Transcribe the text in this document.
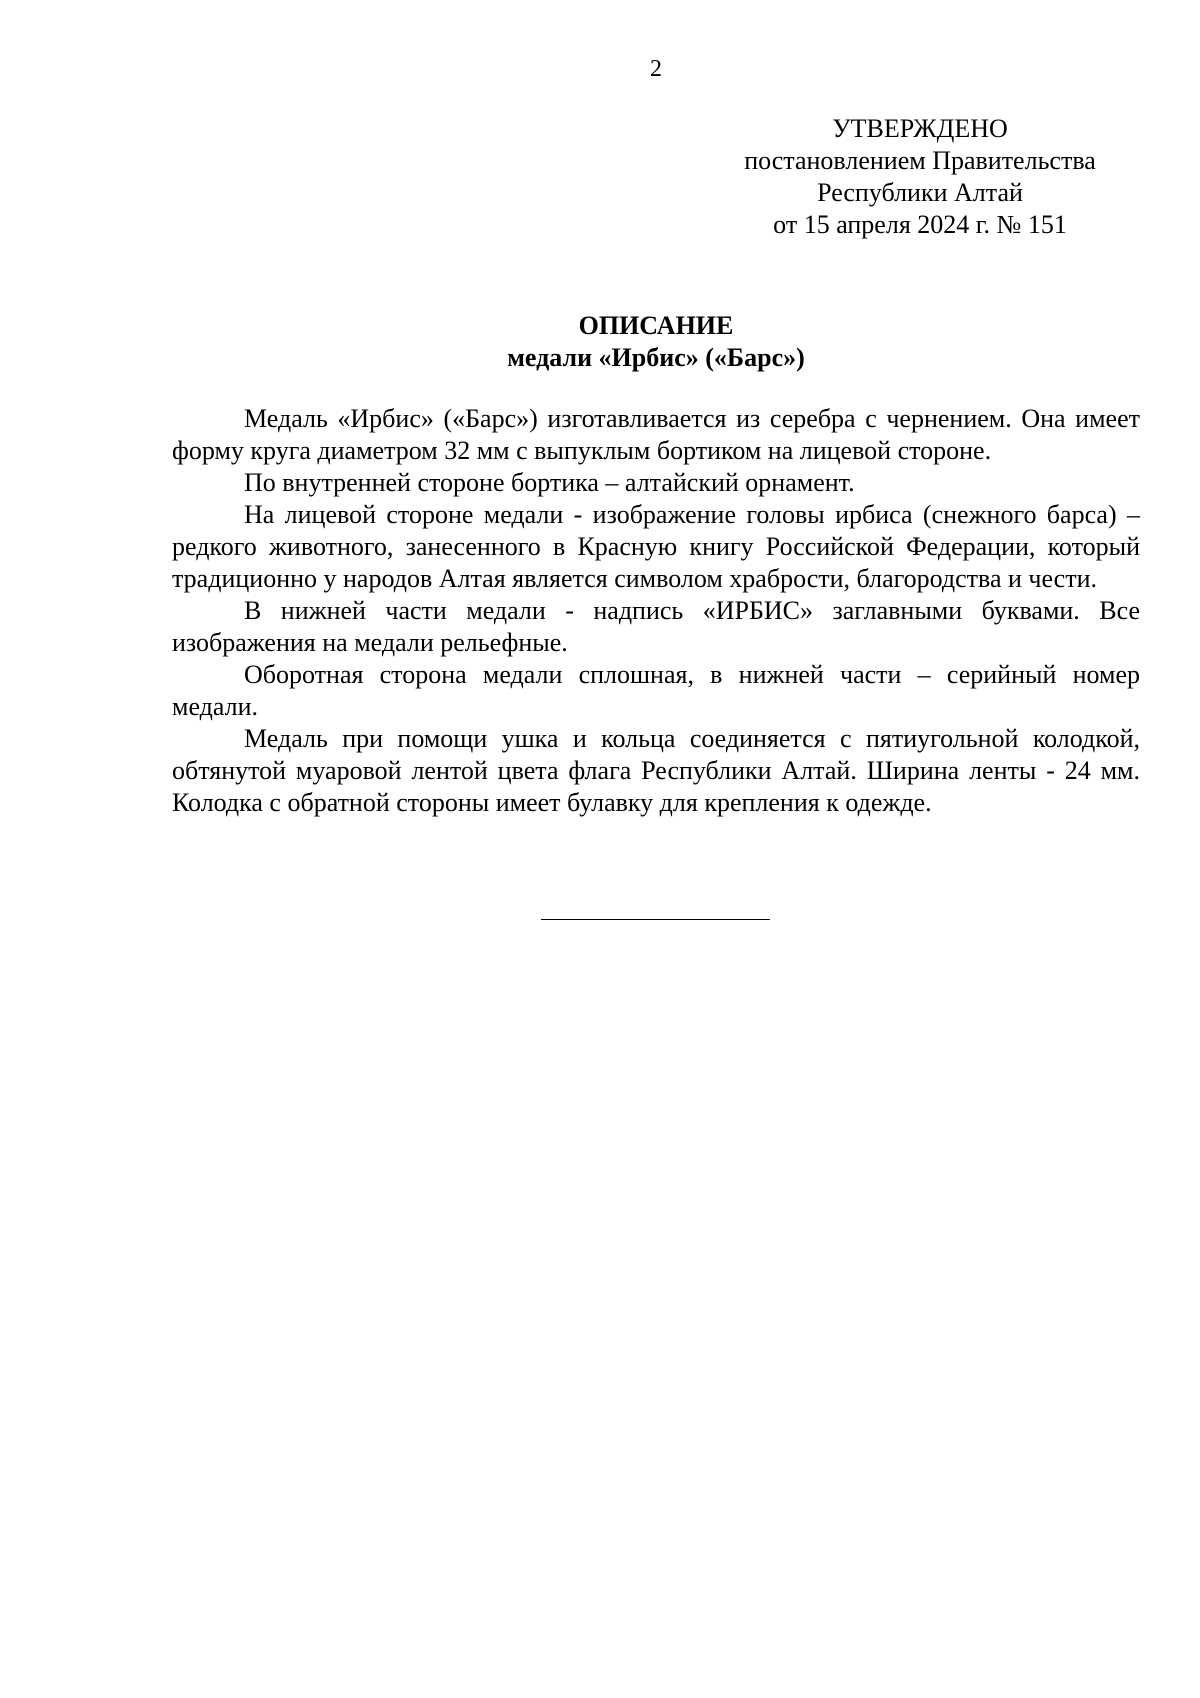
2
УТВЕРЖДЕНО
постановлением Правительства
Республики Алтай
от 15 апреля 2024 г. № 151
ОПИСАНИЕ
медали «Ирбис» («Барс»)

Медаль «Ирбис» («Барс») изготавливается из серебра с чернением. Она имеет форму круга диаметром 32 мм с выпуклым бортиком на лицевой стороне.

По внутренней стороне бортика – алтайский орнамент.

На лицевой стороне медали - изображение головы ирбиса (снежного барса) – редкого животного, занесенного в Красную книгу Российской Федерации, который традиционно у народов Алтая является символом храбрости, благородства и чести.

В нижней части медали - надпись «ИРБИС» заглавными буквами. Все изображения на медали рельефные.

Оборотная сторона медали сплошная, в нижней части – серийный номер медали.

Медаль при помощи ушка и кольца соединяется с пятиугольной колодкой, обтянутой муаровой лентой цвета флага Республики Алтай. Ширина ленты - 24 мм. Колодка с обратной стороны имеет булавку для крепления к одежде.
